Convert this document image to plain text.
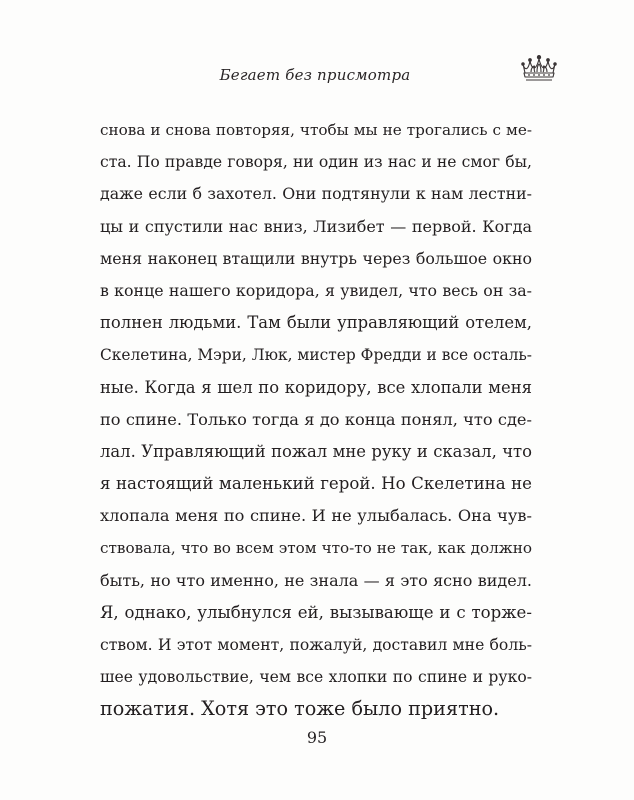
Бегает без присмотра
снова и снова повторяя, чтобы мы не трогались с ме-
ста. По правде говоря, ни один из нас и не смог бы,
даже если б захотел. Они подтянули к нам лестни-
цы и спустили нас вниз, Лизибет — первой. Когда
меня наконец втащили внутрь через большое окно
в конце нашего коридора, я увидел, что весь он за-
полнен людьми. Там были управляющий отелем,
Скелетина, Мэри, Люк, мистер Фредди и все осталь-
ные. Когда я шел по коридору, все хлопали меня
по спине. Только тогда я до конца понял, что сде-
лал. Управляющий пожал мне руку и сказал, что
я настоящий маленький герой. Но Скелетина не
хлопала меня по спине. И не улыбалась. Она чув-
ствовала, что во всем этом что-то не так, как должно
быть, но что именно, не знала — я это ясно видел.
Я, однако, улыбнулся ей, вызывающе и с торже-
ством. И этот момент, пожалуй, доставил мне боль-
шее удовольствие, чем все хлопки по спине и руко-
пожатия. Хотя это тоже было приятно.
95
